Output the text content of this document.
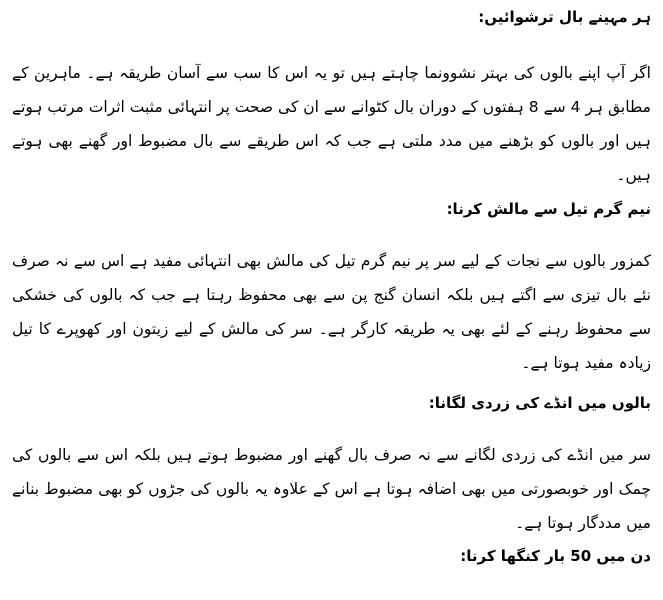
ہر مہینے بال ترشوائیں:

اگر آپ اپنے بالوں کی بہتر نشوونما چاہتے ہیں تو یہ اس کا سب سے آسان طریقہ ہے۔ ماہرین کے مطابق ہر 4 سے 8 ہفتوں کے دوران بال کٹوانے سے ان کی صحت پر انتہائی مثبت اثرات مرتب ہوتے ہیں اور بالوں کو بڑھنے میں مدد ملتی ہے جب کہ اس طریقے سے بال مضبوط اور گھنے بھی ہوتے ہیں۔

نیم گرم تیل سے مالش کرنا:

کمزور بالوں سے نجات کے لیے سر پر نیم گرم تیل کی مالش بھی انتہائی مفید ہے اس سے نہ صرف نئے بال تیزی سے اگتے ہیں بلکہ انسان گنج پن سے بھی محفوظ رہتا ہے جب کہ بالوں کی خشکی سے محفوظ رہنے کے لئے بھی یہ طریقہ کارگر ہے۔ سر کی مالش کے لیے زیتون اور کھوپرے کا تیل زیادہ مفید ہوتا ہے۔

بالوں میں انڈے کی زردی لگانا:

سر میں انڈے کی زردی لگانے سے نہ صرف بال گھنے اور مضبوط ہوتے ہیں بلکہ اس سے بالوں کی چمک اور خوبصورتی میں بھی اضافہ ہوتا ہے اس کے علاوہ یہ بالوں کی جڑوں کو بھی مضبوط بنانے میں مددگار ہوتا ہے۔

دن میں 50 بار کنگھا کرنا:
